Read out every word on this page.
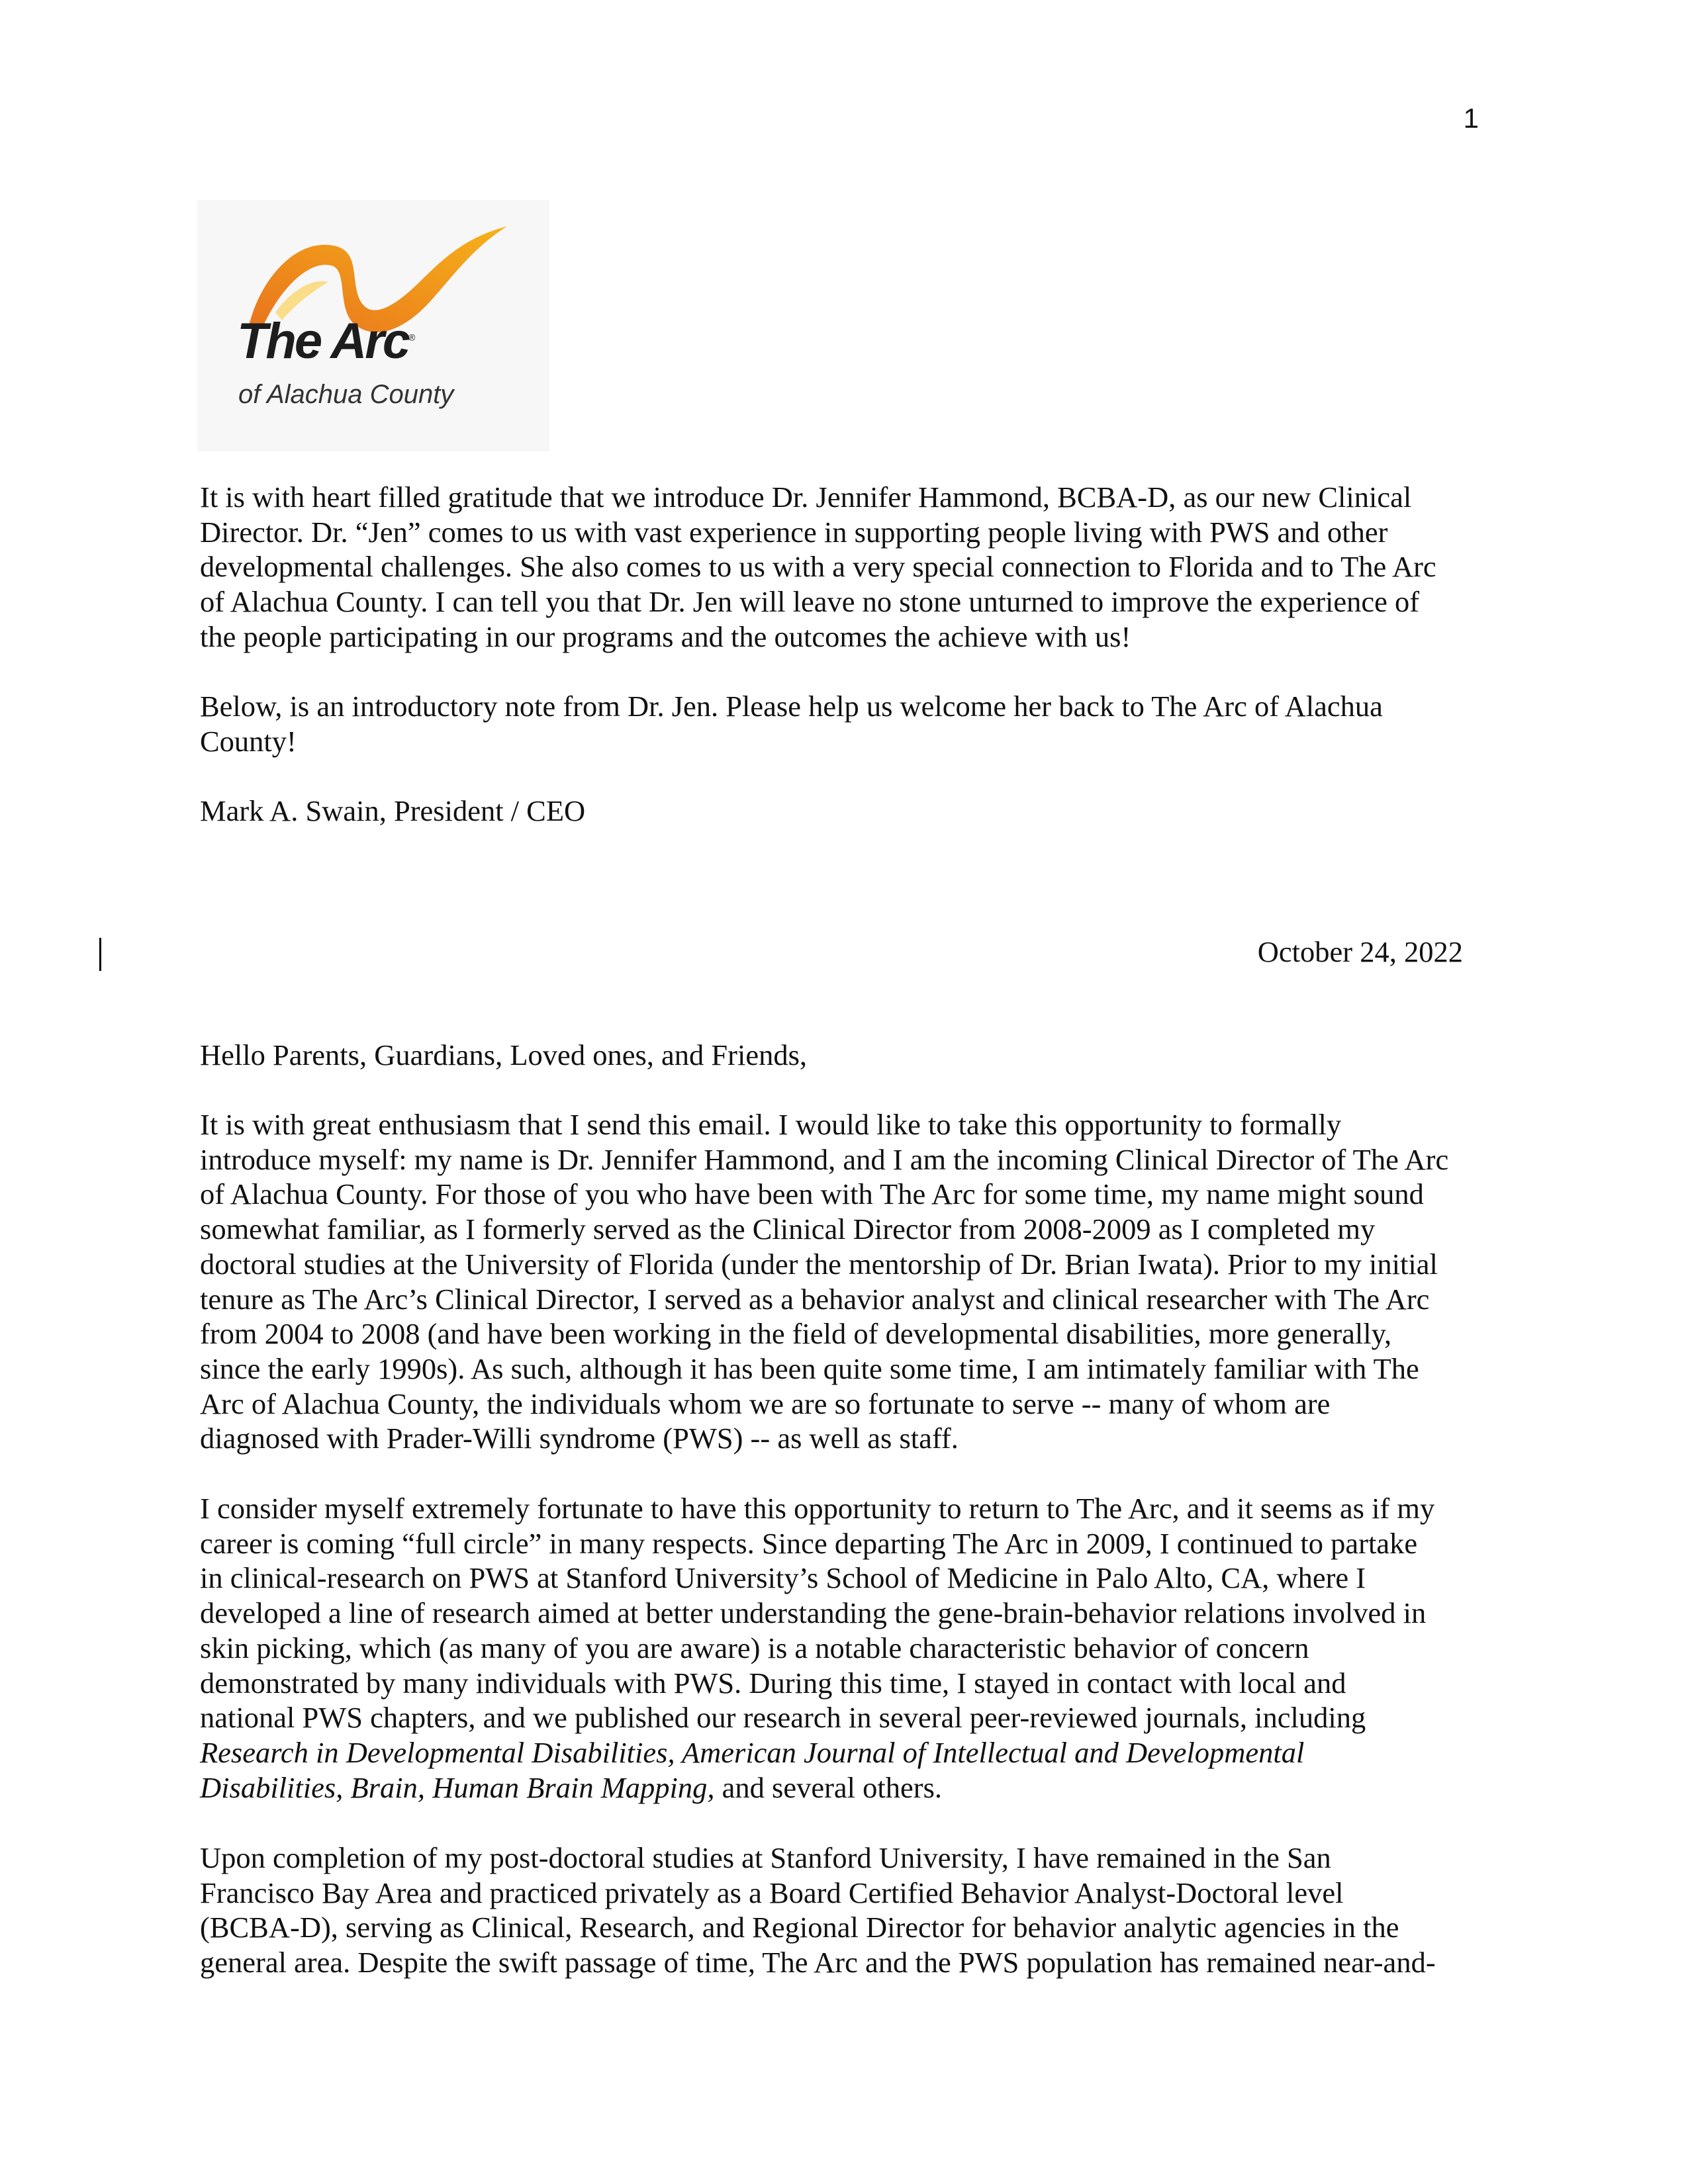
1
The Arc®
of Alachua County

It is with heart filled gratitude that we introduce Dr. Jennifer Hammond, BCBA-D, as our new Clinical
Director. Dr. “Jen” comes to us with vast experience in supporting people living with PWS and other
developmental challenges. She also comes to us with a very special connection to Florida and to The Arc
of Alachua County. I can tell you that Dr. Jen will leave no stone unturned to improve the experience of
the people participating in our programs and the outcomes the achieve with us!

Below, is an introductory note from Dr. Jen. Please help us welcome her back to The Arc of Alachua
County!

Mark A. Swain, President / CEO

October 24, 2022

Hello Parents, Guardians, Loved ones, and Friends,

It is with great enthusiasm that I send this email. I would like to take this opportunity to formally
introduce myself: my name is Dr. Jennifer Hammond, and I am the incoming Clinical Director of The Arc
of Alachua County. For those of you who have been with The Arc for some time, my name might sound
somewhat familiar, as I formerly served as the Clinical Director from 2008-2009 as I completed my
doctoral studies at the University of Florida (under the mentorship of Dr. Brian Iwata). Prior to my initial
tenure as The Arc’s Clinical Director, I served as a behavior analyst and clinical researcher with The Arc
from 2004 to 2008 (and have been working in the field of developmental disabilities, more generally,
since the early 1990s). As such, although it has been quite some time, I am intimately familiar with The
Arc of Alachua County, the individuals whom we are so fortunate to serve -- many of whom are
diagnosed with Prader-Willi syndrome (PWS) -- as well as staff.

I consider myself extremely fortunate to have this opportunity to return to The Arc, and it seems as if my
career is coming “full circle” in many respects. Since departing The Arc in 2009, I continued to partake
in clinical-research on PWS at Stanford University’s School of Medicine in Palo Alto, CA, where I
developed a line of research aimed at better understanding the gene-brain-behavior relations involved in
skin picking, which (as many of you are aware) is a notable characteristic behavior of concern
demonstrated by many individuals with PWS. During this time, I stayed in contact with local and
national PWS chapters, and we published our research in several peer-reviewed journals, including
Research in Developmental Disabilities, American Journal of Intellectual and Developmental
Disabilities, Brain, Human Brain Mapping, and several others.

Upon completion of my post-doctoral studies at Stanford University, I have remained in the San
Francisco Bay Area and practiced privately as a Board Certified Behavior Analyst-Doctoral level
(BCBA-D), serving as Clinical, Research, and Regional Director for behavior analytic agencies in the
general area. Despite the swift passage of time, The Arc and the PWS population has remained near-and-
